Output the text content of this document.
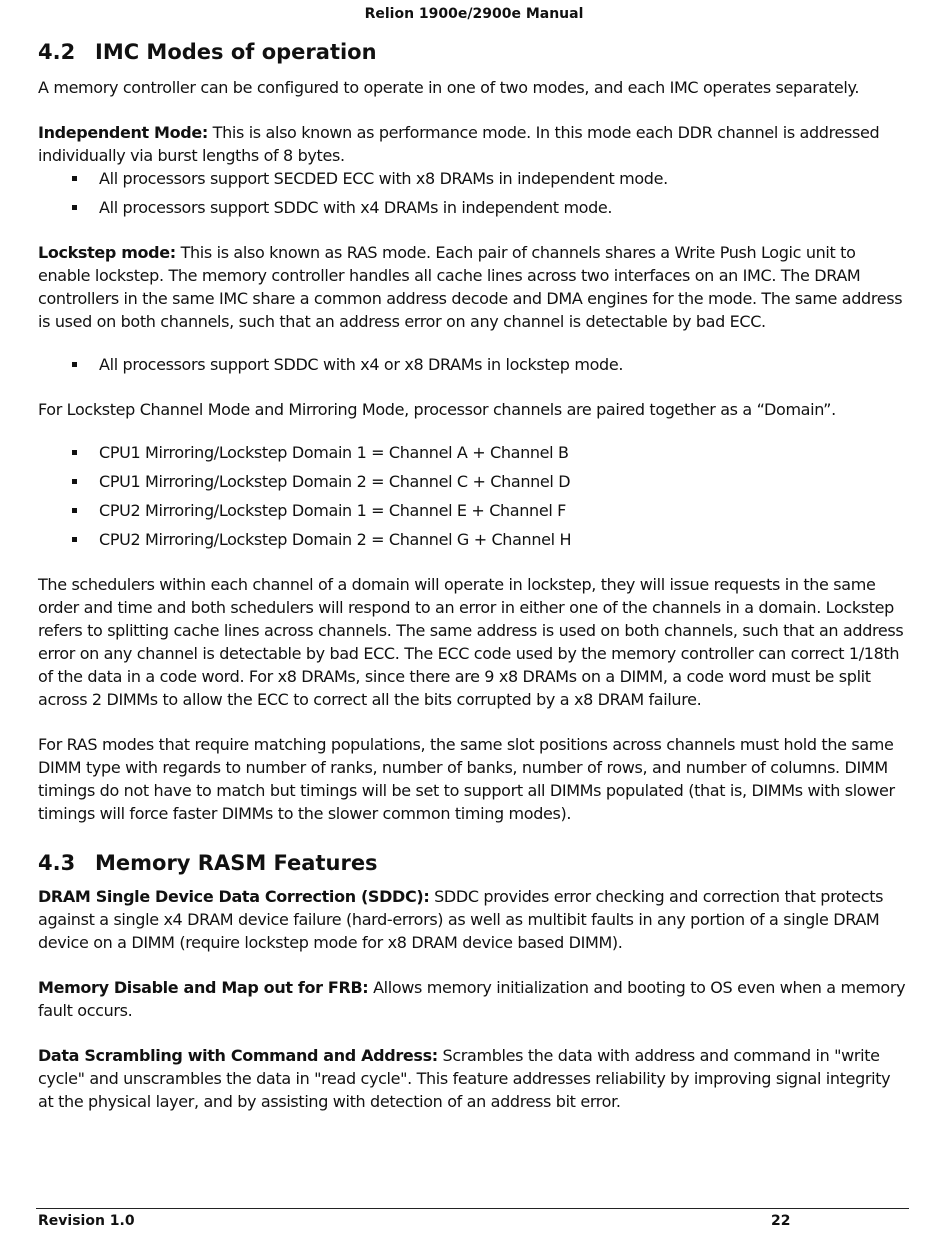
Relion 1900e/2900e Manual
4.2 IMC Modes of operation

A memory controller can be configured to operate in one of two modes, and each IMC operates separately.

Independent Mode: This is also known as performance mode. In this mode each DDR channel is addressed individually via burst lengths of 8 bytes.

All processors support SECDED ECC with x8 DRAMs in independent mode.
All processors support SDDC with x4 DRAMs in independent mode.

Lockstep mode: This is also known as RAS mode. Each pair of channels shares a Write Push Logic unit to enable lockstep. The memory controller handles all cache lines across two interfaces on an IMC. The DRAM controllers in the same IMC share a common address decode and DMA engines for the mode. The same address is used on both channels, such that an address error on any channel is detectable by bad ECC.

All processors support SDDC with x4 or x8 DRAMs in lockstep mode.

For Lockstep Channel Mode and Mirroring Mode, processor channels are paired together as a “Domain”.

CPU1 Mirroring/Lockstep Domain 1 = Channel A + Channel B
CPU1 Mirroring/Lockstep Domain 2 = Channel C + Channel D
CPU2 Mirroring/Lockstep Domain 1 = Channel E + Channel F
CPU2 Mirroring/Lockstep Domain 2 = Channel G + Channel H

The schedulers within each channel of a domain will operate in lockstep, they will issue requests in the same order and time and both schedulers will respond to an error in either one of the channels in a domain. Lockstep refers to splitting cache lines across channels. The same address is used on both channels, such that an address error on any channel is detectable by bad ECC. The ECC code used by the memory controller can correct 1/18th of the data in a code word. For x8 DRAMs, since there are 9 x8 DRAMs on a DIMM, a code word must be split across 2 DIMMs to allow the ECC to correct all the bits corrupted by a x8 DRAM failure.

For RAS modes that require matching populations, the same slot positions across channels must hold the same DIMM type with regards to number of ranks, number of banks, number of rows, and number of columns. DIMM timings do not have to match but timings will be set to support all DIMMs populated (that is, DIMMs with slower timings will force faster DIMMs to the slower common timing modes).

4.3 Memory RASM Features

DRAM Single Device Data Correction (SDDC): SDDC provides error checking and correction that protects against a single x4 DRAM device failure (hard-errors) as well as multibit faults in any portion of a single DRAM device on a DIMM (require lockstep mode for x8 DRAM device based DIMM).

Memory Disable and Map out for FRB: Allows memory initialization and booting to OS even when a memory fault occurs.

Data Scrambling with Command and Address: Scrambles the data with address and command in "write cycle" and unscrambles the data in "read cycle". This feature addresses reliability by improving signal integrity at the physical layer, and by assisting with detection of an address bit error.

Revision 1.0	22
